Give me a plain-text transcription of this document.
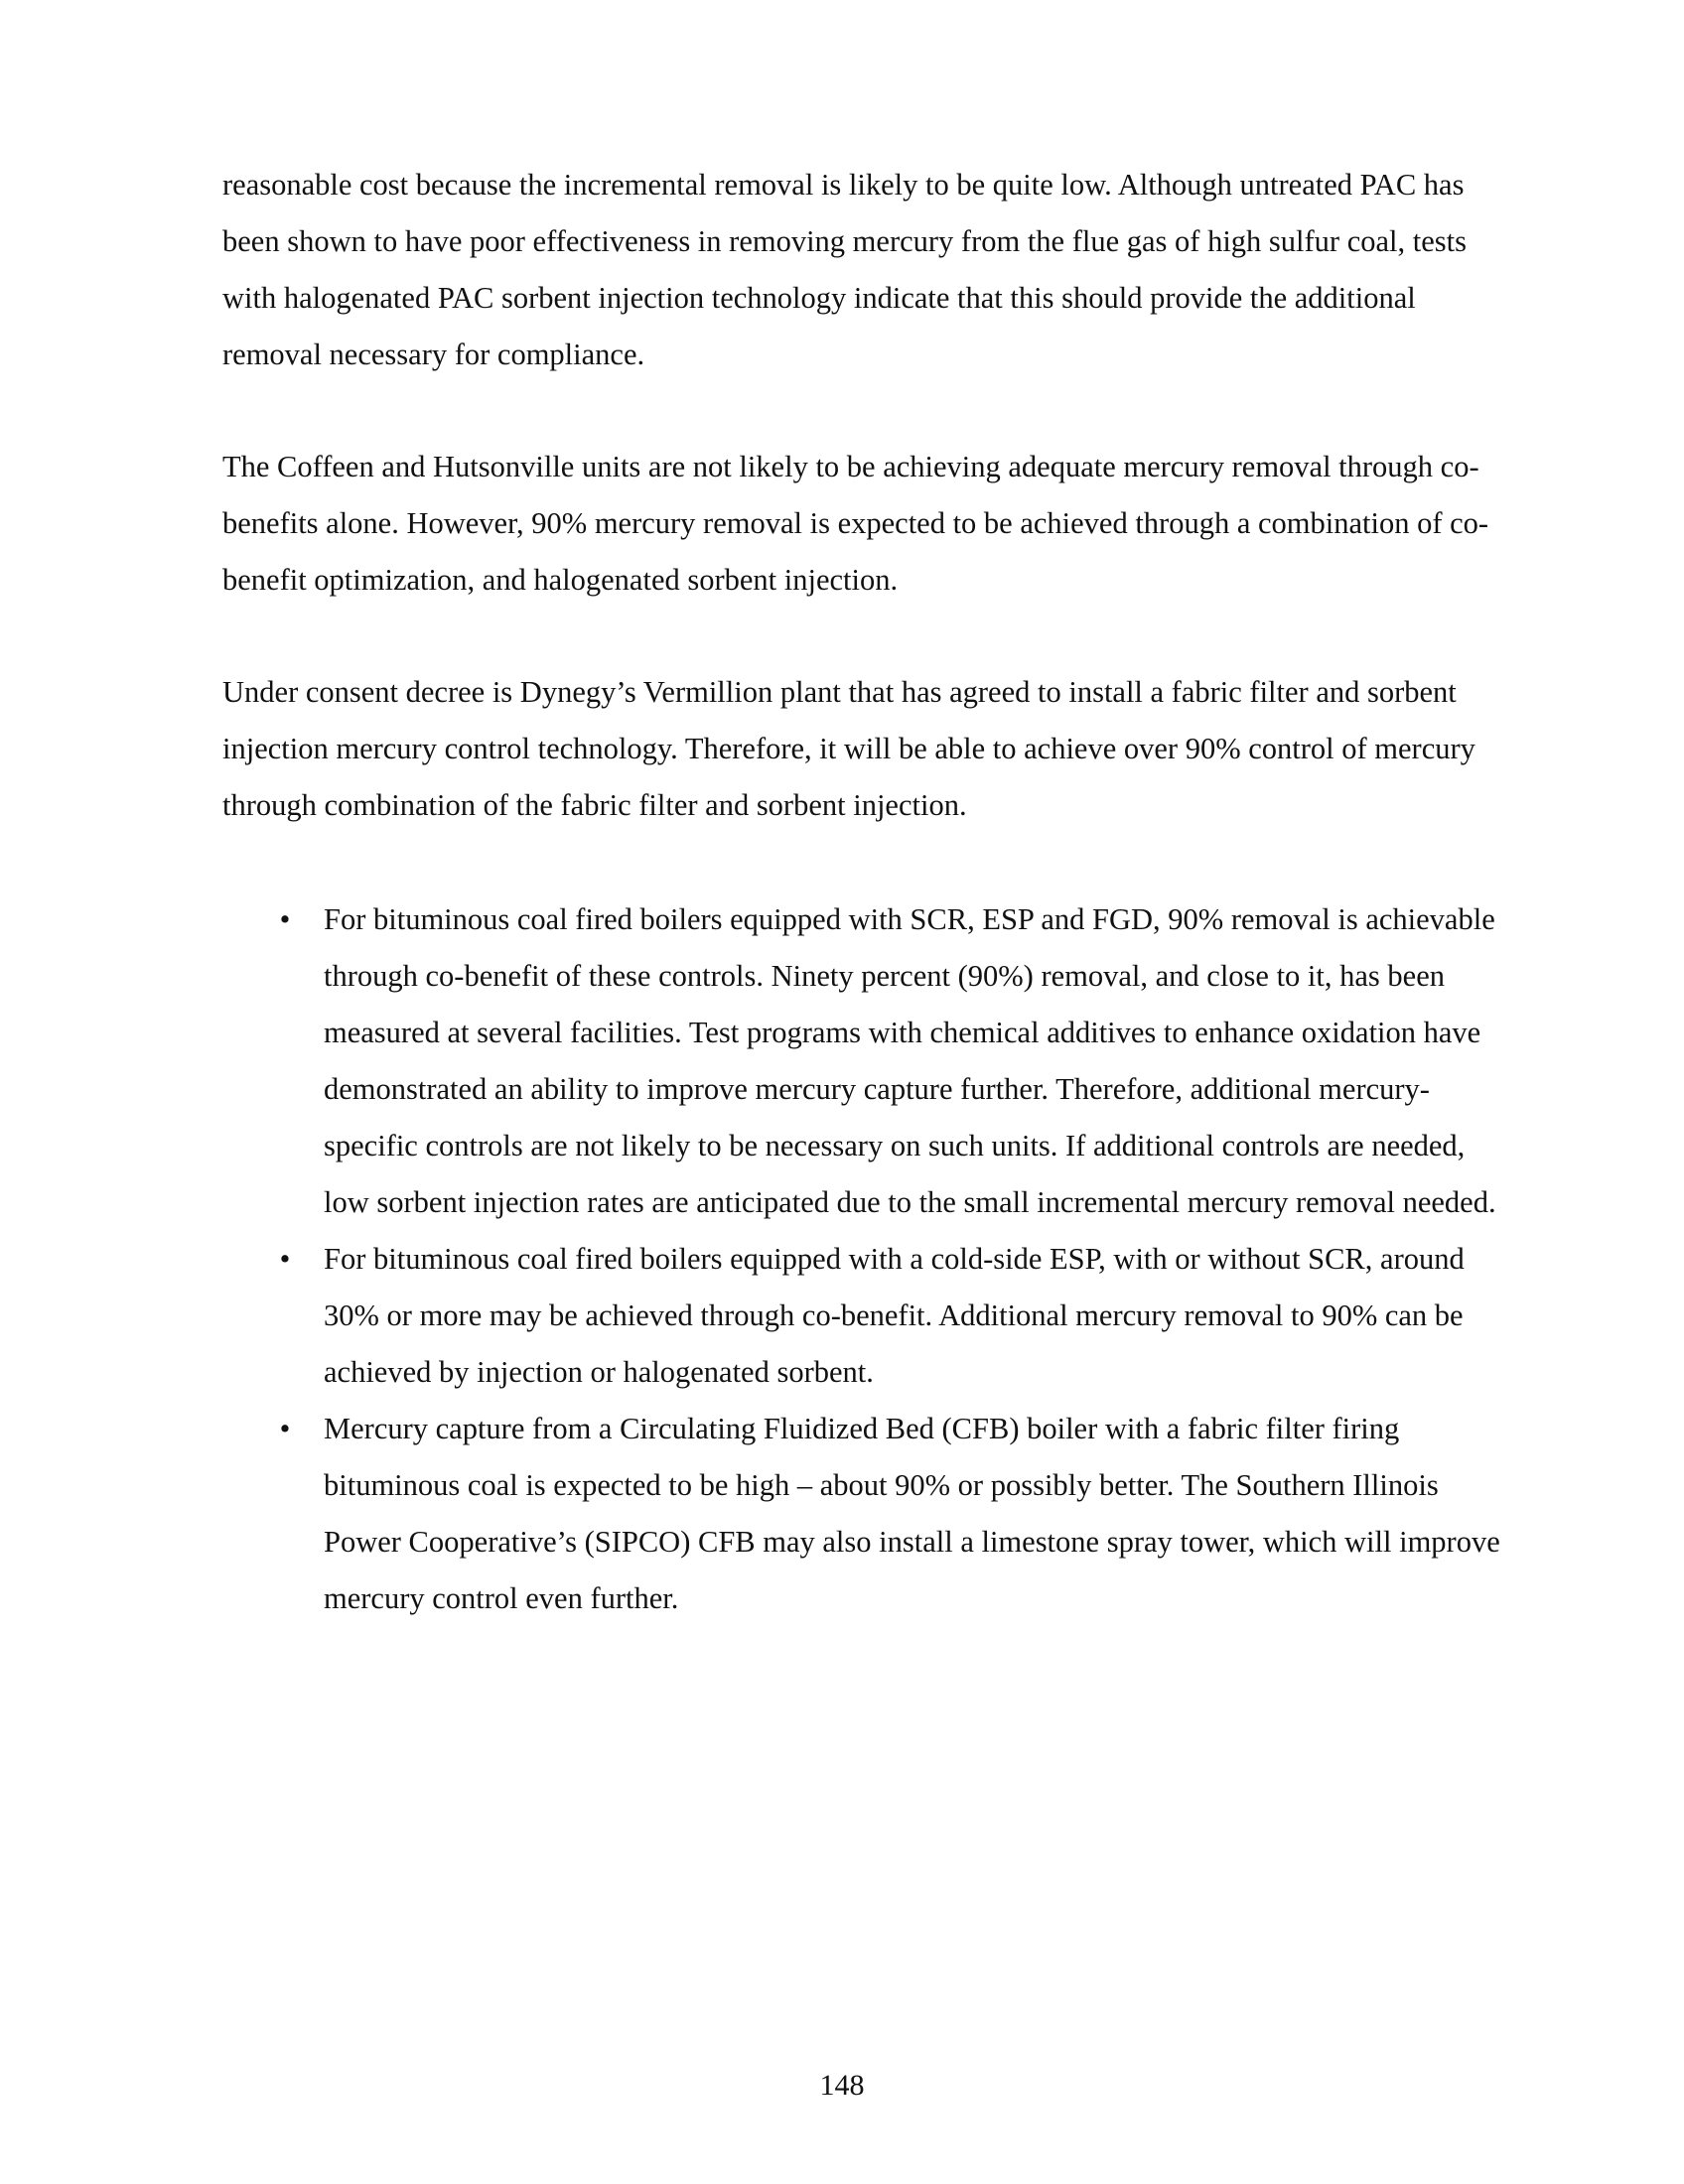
reasonable cost because the incremental removal is likely to be quite low. Although untreated PAC has been shown to have poor effectiveness in removing mercury from the flue gas of high sulfur coal, tests with halogenated PAC sorbent injection technology indicate that this should provide the additional removal necessary for compliance.

The Coffeen and Hutsonville units are not likely to be achieving adequate mercury removal through co-benefits alone. However, 90% mercury removal is expected to be achieved through a combination of co-benefit optimization, and halogenated sorbent injection.

Under consent decree is Dynegy’s Vermillion plant that has agreed to install a fabric filter and sorbent injection mercury control technology. Therefore, it will be able to achieve over 90% control of mercury through combination of the fabric filter and sorbent injection.

• For bituminous coal fired boilers equipped with SCR, ESP and FGD, 90% removal is achievable through co-benefit of these controls. Ninety percent (90%) removal, and close to it, has been measured at several facilities. Test programs with chemical additives to enhance oxidation have demonstrated an ability to improve mercury capture further. Therefore, additional mercury-specific controls are not likely to be necessary on such units. If additional controls are needed, low sorbent injection rates are anticipated due to the small incremental mercury removal needed.
• For bituminous coal fired boilers equipped with a cold-side ESP, with or without SCR, around 30% or more may be achieved through co-benefit. Additional mercury removal to 90% can be achieved by injection or halogenated sorbent.
• Mercury capture from a Circulating Fluidized Bed (CFB) boiler with a fabric filter firing bituminous coal is expected to be high – about 90% or possibly better. The Southern Illinois Power Cooperative’s (SIPCO) CFB may also install a limestone spray tower, which will improve mercury control even further.
148
